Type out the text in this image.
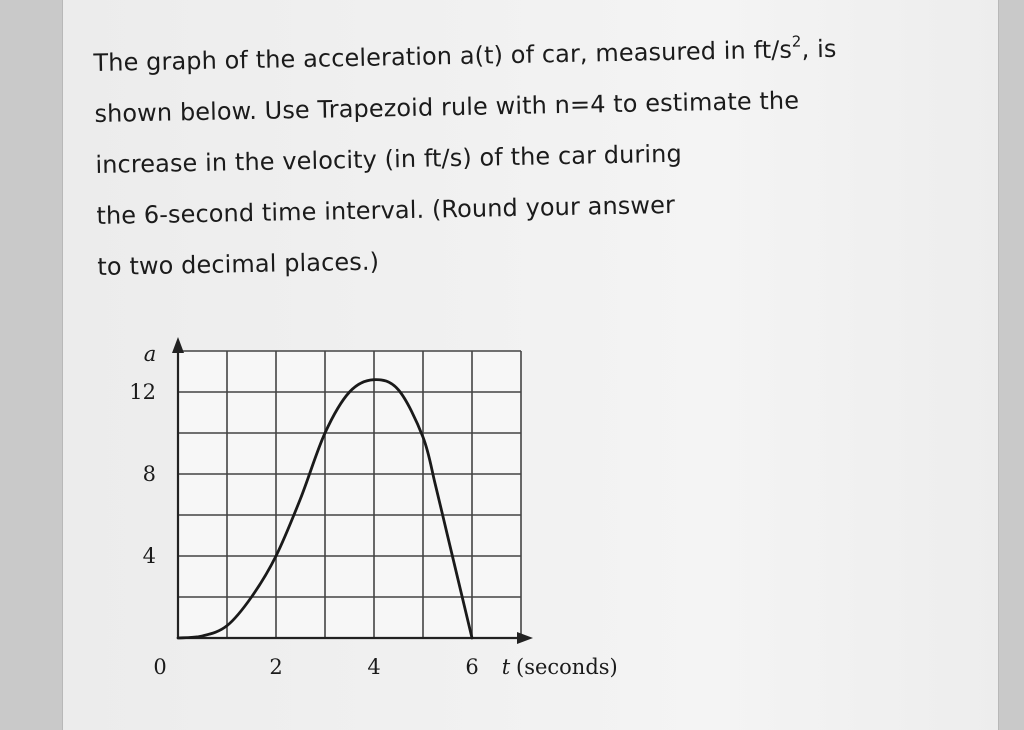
The graph of the acceleration a(t) of car, measured in $ft/s^2$, is
shown below. Use Trapezoid rule with n=4 to estimate the
increase in the velocity (in ft/s) of the car during
the 6-second time interval. (Round your answer
to two decimal places.)

a
4
8
12
0	2	4	6 t (seconds)
